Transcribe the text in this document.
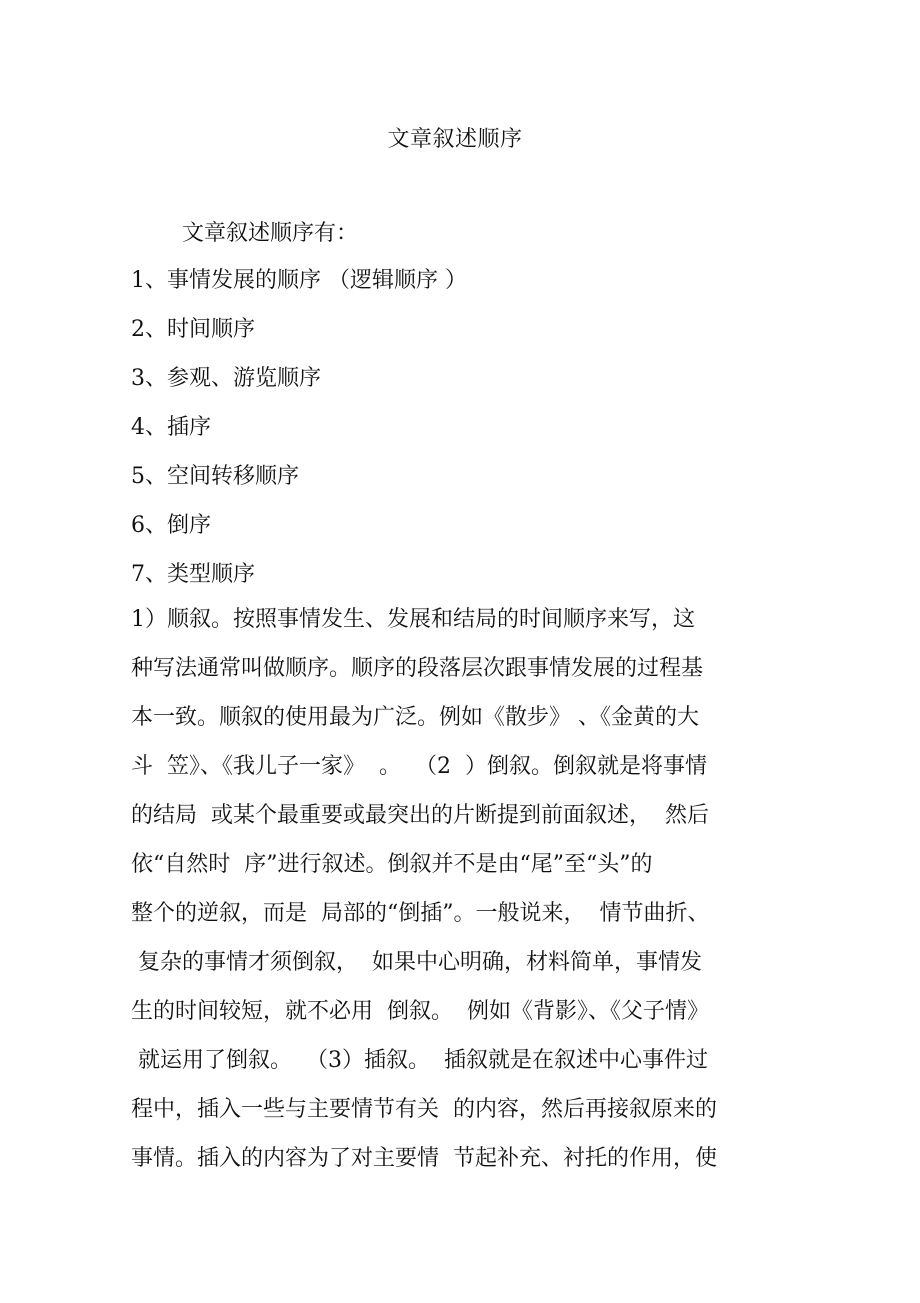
文章叙述顺序
文章叙述顺序有：
1、事情发展的顺序 （逻辑顺序 ）
2、时间顺序
3、参观、游览顺序
4、插序
5、空间转移顺序
6、倒序
7、类型顺序
1）顺叙。按照事情发生、发展和结局的时间顺序来写，这
种写法通常叫做顺序。顺序的段落层次跟事情发展的过程基
本一致。顺叙的使用最为广泛。例如《散步》 、《金黄的大
斗  笠》、《我儿子一家》  。  （2  ）倒叙。倒叙就是将事情
的结局  或某个最重要或最突出的片断提到前面叙述，  然后
依“自然时  序”进行叙述。倒叙并不是由“尾”至“头”的
整个的逆叙，而是  局部的“倒插”。一般说来，  情节曲折、
复杂的事情才须倒叙，  如果中心明确，材料简单，事情发
生的时间较短，就不必用  倒叙。  例如《背影》、《父子情》
就运用了倒叙。  （3）插叙。  插叙就是在叙述中心事件过
程中，插入一些与主要情节有关  的内容，然后再接叙原来的
事情。插入的内容为了对主要情  节起补充、衬托的作用，使
